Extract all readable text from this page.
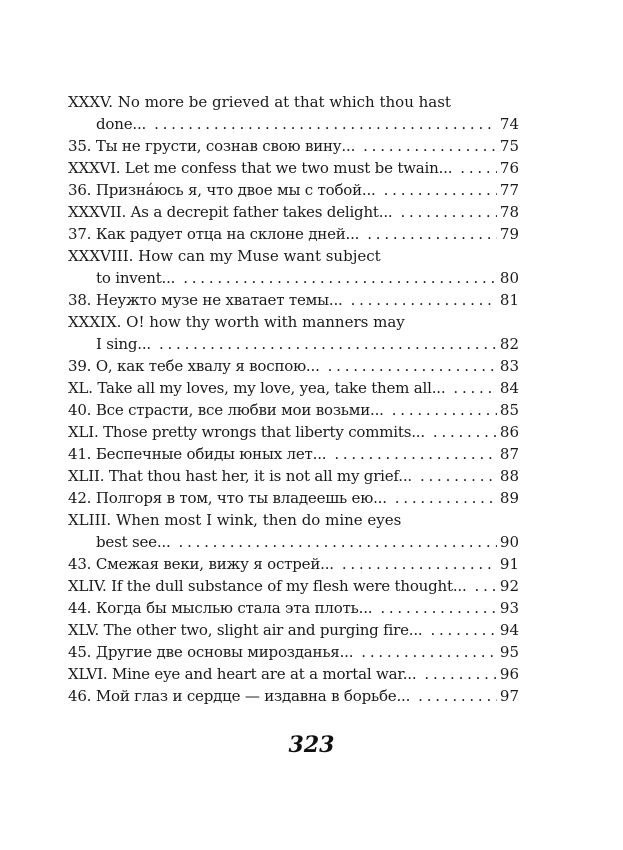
XXXV. No more be grieved at that which thou hast
done... . . .	74
35. Ты не грусти, сознав свою вину... . . .	75
XXXVI. Let me confess that we two must be twain... . . .	76
36. Признáюсь я, что двое мы с тобой... . . .	77
XXXVII. As a decrepit father takes delight... . . .	78
37. Как радует отца на склоне дней... . . .	79
XXXVIII. How can my Muse want subject
to invent... . . .	80
38. Неужто музе не хватает темы... . . .	81
XXXIX. O! how thy worth with manners may
I sing... . . .	82
39. О, как тебе хвалу я воспою... . . .	83
XL. Take all my loves, my love, yea, take them all... . . .	84
40. Все страсти, все любви мои возьми... . . .	85
XLI. Those pretty wrongs that liberty commits... . . .	86
41. Беспечные обиды юных лет... . . .	87
XLII. That thou hast her, it is not all my grief... . . .	88
42. Полгоря в том, что ты владеешь ею... . . .	89
XLIII. When most I wink, then do mine eyes
best see... . . .	90
43. Смежая веки, вижу я острей... . . .	91
XLIV. If the dull substance of my flesh were thought... . . . 92
44. Когда бы мыслью стала эта плоть... . . .	93
XLV. The other two, slight air and purging fire... . . .	94
45. Другие две основы мирозданья... . . .	95
XLVI. Mine eye and heart are at a mortal war... . . .	96
46. Мой глаз и сердце — издавна в борьбе... . . .	97
323
